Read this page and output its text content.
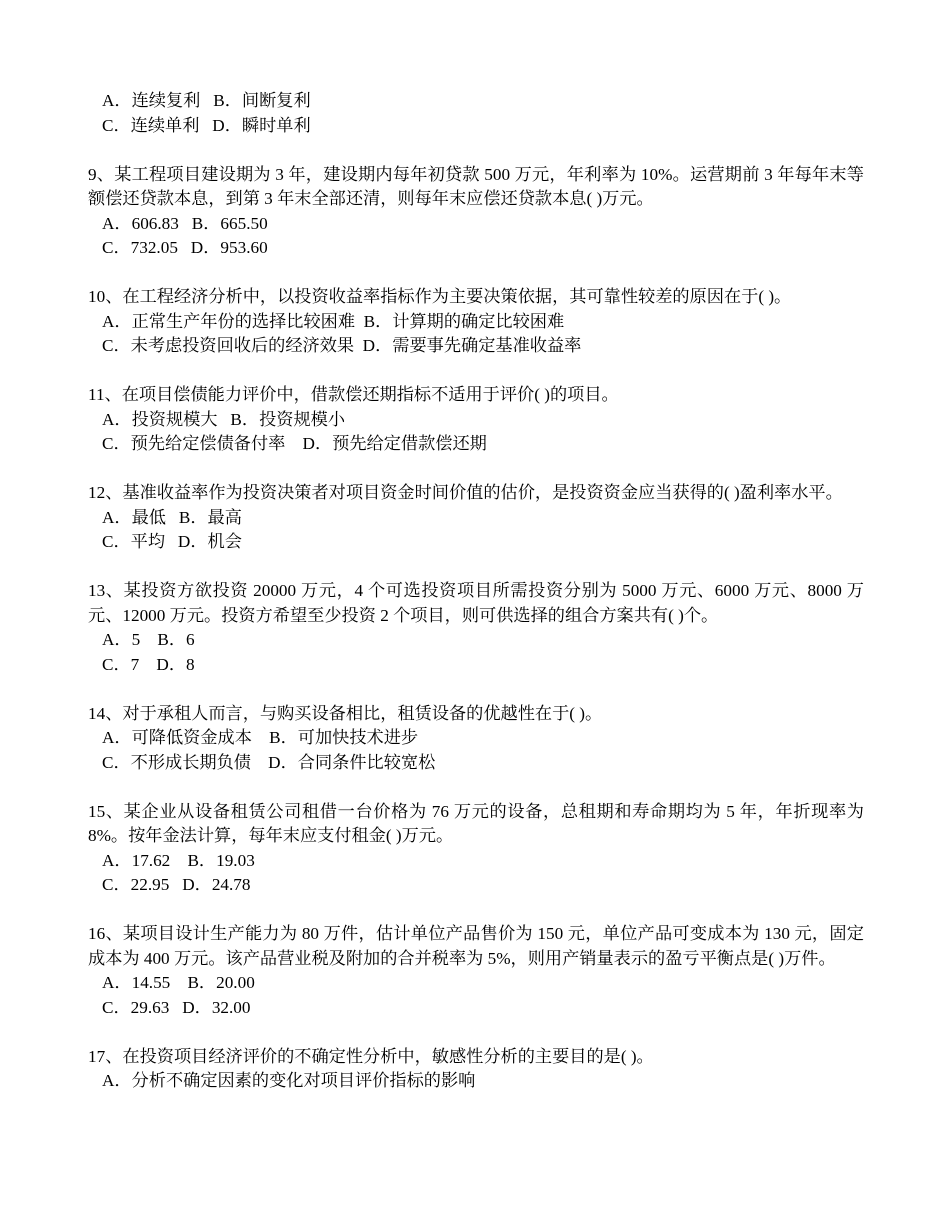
A．连续复利   B．间断复利

C．连续单利   D．瞬时单利

9、某工程项目建设期为 3 年，建设期内每年初贷款 500 万元，年利率为 10%。运营期前 3 年每年末等额偿还贷款本息，到第 3 年末全部还清，则每年末应偿还贷款本息( )万元。

A．606.83   B．665.50

C．732.05   D．953.60

10、在工程经济分析中，以投资收益率指标作为主要决策依据，其可靠性较差的原因在于( )。

A．正常生产年份的选择比较困难  B．计算期的确定比较困难

C．未考虑投资回收后的经济效果  D．需要事先确定基准收益率

11、在项目偿债能力评价中，借款偿还期指标不适用于评价( )的项目。

A．投资规模大   B．投资规模小

C．预先给定偿债备付率    D．预先给定借款偿还期

12、基准收益率作为投资决策者对项目资金时间价值的估价，是投资资金应当获得的( )盈利率水平。

A．最低   B．最高

C．平均   D．机会

13、某投资方欲投资 20000 万元，4 个可选投资项目所需投资分别为 5000 万元、6000 万元、8000 万元、12000 万元。投资方希望至少投资 2 个项目，则可供选择的组合方案共有( )个。

A．5    B．6

C．7    D．8

14、对于承租人而言，与购买设备相比，租赁设备的优越性在于( )。

A．可降低资金成本    B．可加快技术进步

C．不形成长期负债    D．合同条件比较宽松

15、某企业从设备租赁公司租借一台价格为 76 万元的设备，总租期和寿命期均为 5 年，年折现率为 8%。按年金法计算，每年末应支付租金( )万元。

A．17.62    B．19.03

C．22.95   D．24.78

16、某项目设计生产能力为 80 万件，估计单位产品售价为 150 元，单位产品可变成本为 130 元，固定成本为 400 万元。该产品营业税及附加的合并税率为 5%，则用产销量表示的盈亏平衡点是( )万件。

A．14.55    B．20.00

C．29.63   D．32.00

17、在投资项目经济评价的不确定性分析中，敏感性分析的主要目的是( )。

A．分析不确定因素的变化对项目评价指标的影响
